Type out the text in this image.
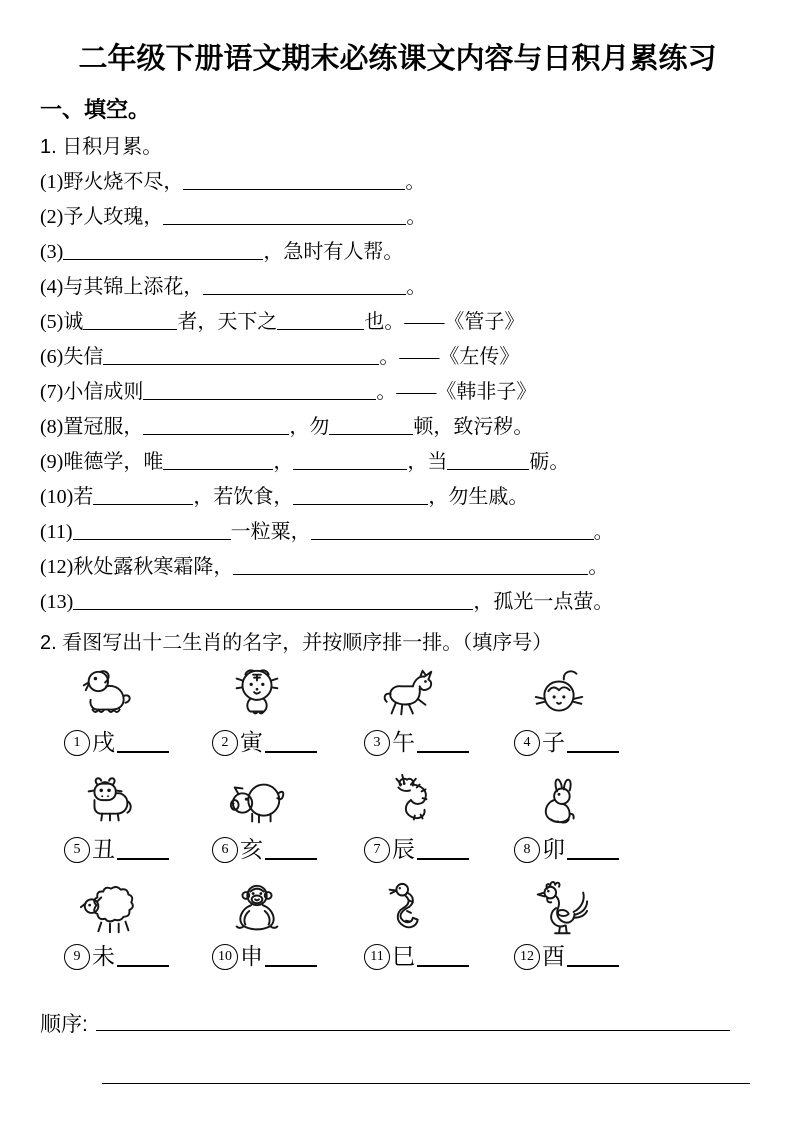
二年级下册语文期末必练课文内容与日积月累练习
一、填空。
1. 日积月累。
(1)野火烧不尽，	。
(2)予人玫瑰，	。
(3)	，急时有人帮。
(4)与其锦上添花，	。
(5)诚	者，天下之	也。——《管子》
(6)失信	。——《左传》
(7)小信成则	。——《韩非子》
(8)置冠服，	，勿	顿，致污秽。
(9)唯德学，唯	，	，当	砺。
(10)若	，若饮食，	，勿生戚。
(11)	一粒粟，	。
(12)秋处露秋寒霜降，	。
(13)	，孤光一点萤。
2. 看图写出十二生肖的名字，并按顺序排一排。（填序号）
1 戌	2 寅	3 午	4 子
5 丑	6 亥	7 辰	8 卯
9 未	10 申	11 巳	12 酉
顺序:
